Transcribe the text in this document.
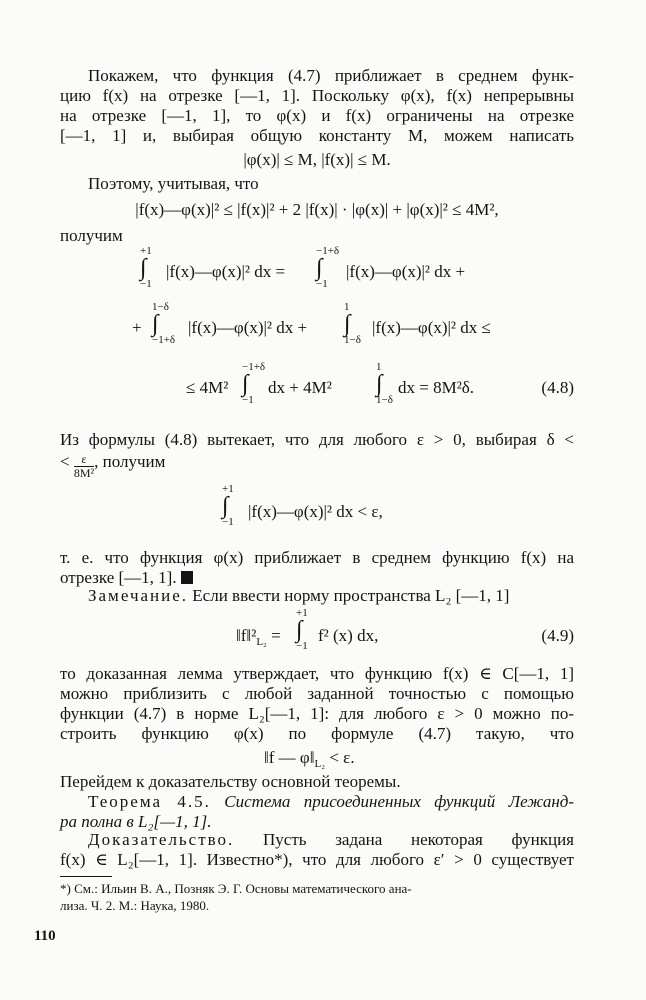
Покажем, что функция (4.7) приближает в среднем функ-
цию f(x) на отрезке [—1, 1]. Поскольку φ(x), f(x) непрерывны
на отрезке [—1, 1], то φ(x) и f(x) ограничены на отрезке
[—1, 1] и, выбирая общую константу M, можем написать
|φ(x)| ≤ M, |f(x)| ≤ M.
Поэтому, учитывая, что
|f(x)—φ(x)|² ≤ |f(x)|² + 2 |f(x)| · |φ(x)| + |φ(x)|² ≤ 4M²,
получим
+1
∫
−1
|f(x)—φ(x)|² dx =
−1+δ
∫
−1
|f(x)—φ(x)|² dx +
+
1−δ
∫
−1+δ
|f(x)—φ(x)|² dx +
1
∫
1−δ
|f(x)—φ(x)|² dx ≤
≤ 4M²
−1+δ
∫
−1
dx + 4M²
1
∫
1−δ
dx = 8M²δ.	(4.8)
Из формулы (4.8) вытекает, что для любого ε > 0, выбирая δ <
< $\frac{\varepsilon}{\text{8M²}}$, получим
+1
∫
−1
|f(x)—φ(x)|² dx < ε,
т. е. что функция φ(x) приближает в среднем функцию f(x) на
отрезке [—1, 1].
Замечание. Если ввести норму пространства L₂ [—1, 1]
$‖f‖^2_{L_2}$ =
+1
∫
−1
f² (x) dx,	(4.9)
то доказанная лемма утверждает, что функцию f(x) ∈ C[—1, 1]
можно приблизить с любой заданной точностью с помощью
функции (4.7) в норме L₂[—1, 1]: для любого ε > 0 можно по-
строить функцию φ(x) по формуле (4.7) такую, что
‖f — $\varphi‖_{L_2} < \varepsilon$.
Перейдем к доказательству основной теоремы.
Теорема 4.5. Система присоединенных функций Лежанд-
ра полна в L₂[—1, 1].
Доказательство. Пусть задана некоторая функция
f(x) ∈ L₂[—1, 1]. Известно*), что для любого ε′ > 0 существует
*) См.: Ильин В. А., Позняк Э. Г. Основы математического ана-
лиза. Ч. 2. М.: Наука, 1980.
110
